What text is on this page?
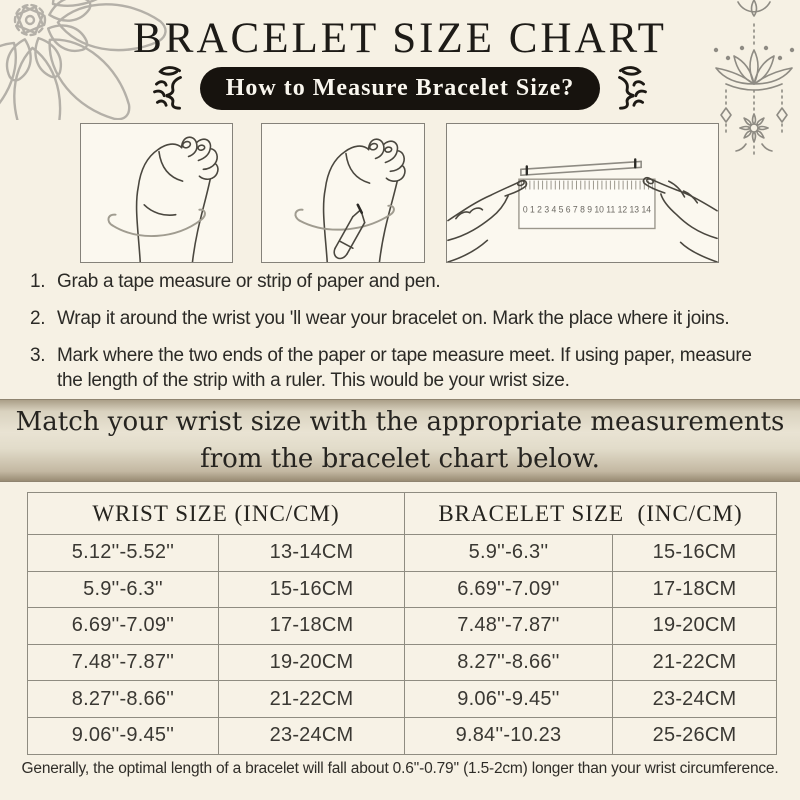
BRACELET SIZE CHART
How to Measure Bracelet Size?
0 1 2 3 4 5 6 7 8 9 10 11 12 13 14
1. Grab a tape measure or strip of paper and pen.
2. Wrap it around the wrist you 'll wear your bracelet on. Mark the place where it joins.
3. Mark where the two ends of the paper or tape measure meet. If using paper, measure the length of the strip with a ruler. This would be your wrist size.
Match your wrist size with the appropriate measurements
from the bracelet chart below.
WRIST SIZE (INC/CM)	BRACELET SIZE  (INC/CM)
5.12''-5.52''	13-14CM	5.9''-6.3''	15-16CM
5.9''-6.3''	15-16CM	6.69''-7.09''	17-18CM
6.69''-7.09''	17-18CM	7.48''-7.87''	19-20CM
7.48''-7.87''	19-20CM	8.27''-8.66''	21-22CM
8.27''-8.66''	21-22CM	9.06''-9.45''	23-24CM
9.06''-9.45''	23-24CM	9.84''-10.23	25-26CM
Generally, the optimal length of a bracelet will fall about 0.6''-0.79'' (1.5-2cm) longer than your wrist circumference.
